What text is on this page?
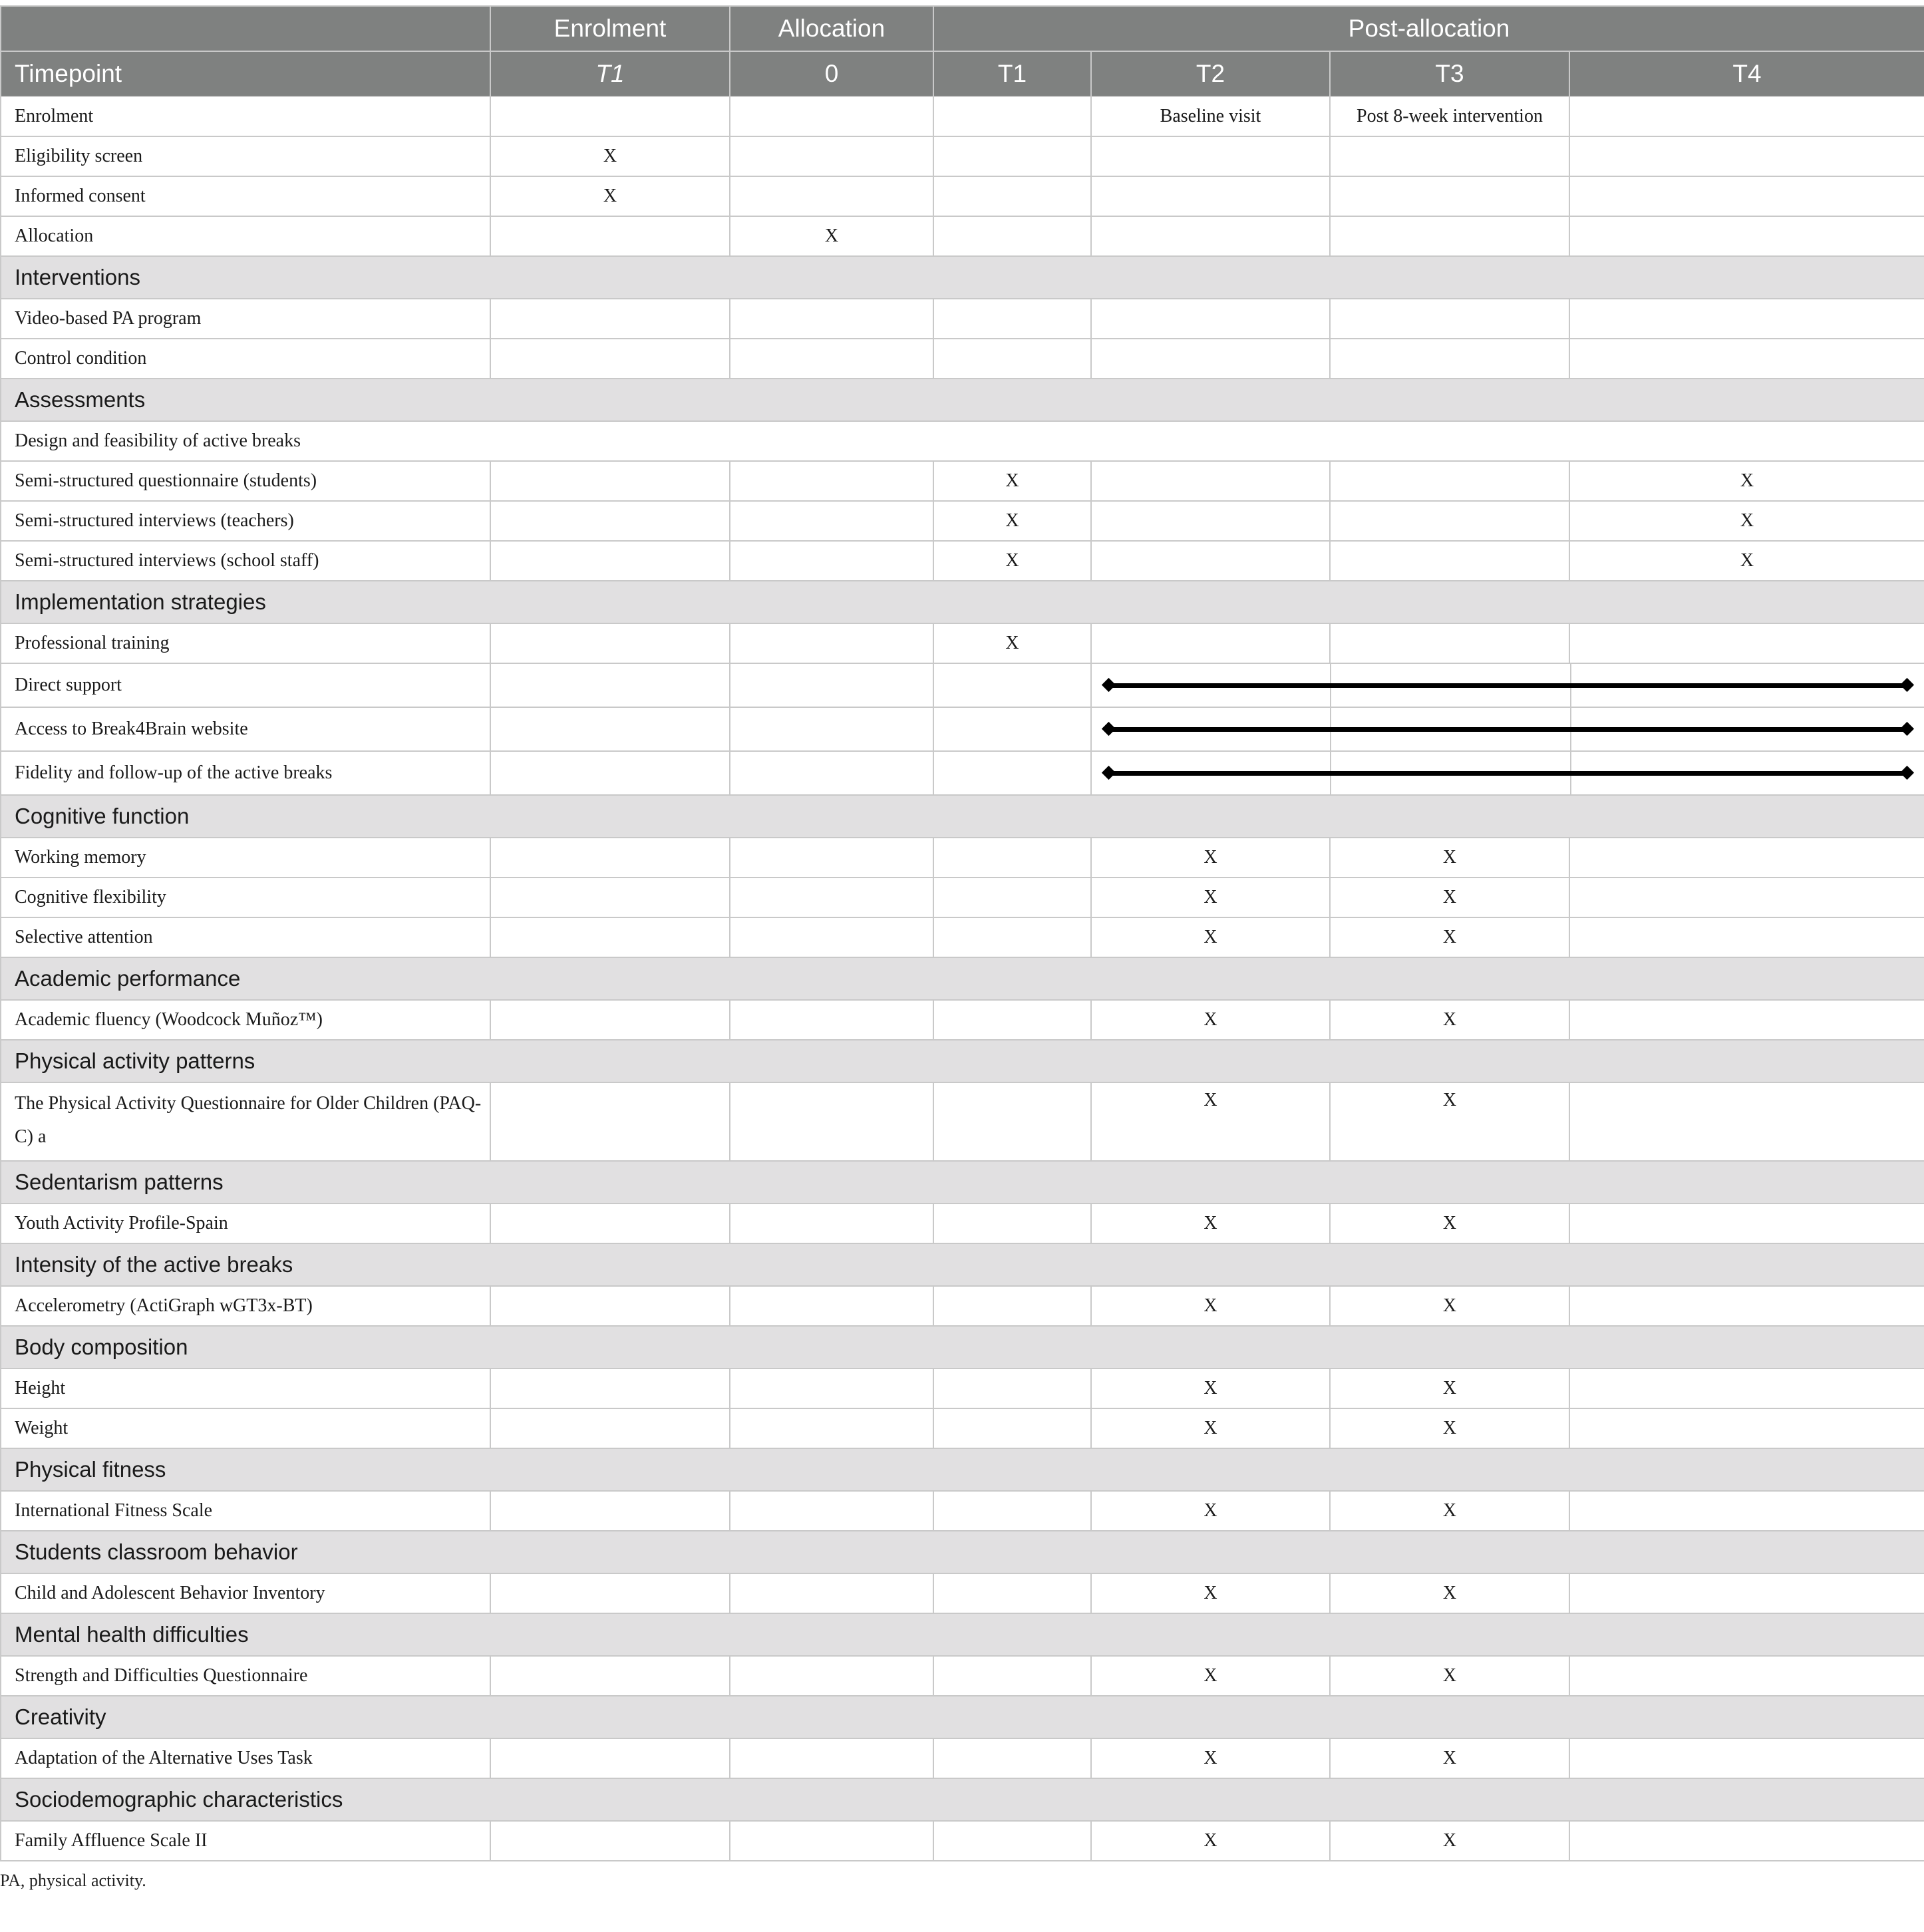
	Enrolment	Allocation	Post-allocation			
Timepoint	T1	0	T1	T2	T3	T4
Enrolment				Baseline visit	Post 8-week intervention	
Eligibility screen	X					
Informed consent	X					
Allocation		X				
Interventions						
Video-based PA program						
Control condition						
Assessments						
Design and feasibility of active breaks						
Semi-structured questionnaire (students)			X			X
Semi-structured interviews (teachers)			X			X
Semi-structured interviews (school staff)			X			X
Implementation strategies						
Professional training			X			
Direct support						

Access to Break4Brain website						

Fidelity and follow-up of the active breaks						

Cognitive function						
Working memory				X	X	
Cognitive flexibility				X	X	
Selective attention				X	X	
Academic performance						
Academic fluency (Woodcock Muñoz™)				X	X	
Physical activity patterns						
The Physical Activity Questionnaire for Older Children (PAQ-C) a				X	X	
Sedentarism patterns						
Youth Activity Profile-Spain				X	X	
Intensity of the active breaks						
Accelerometry (ActiGraph wGT3x-BT)				X	X	
Body composition						
Height				X	X	
Weight				X	X	
Physical fitness						
International Fitness Scale				X	X	
Students classroom behavior						
Child and Adolescent Behavior Inventory				X	X	
Mental health difficulties						
Strength and Difficulties Questionnaire				X	X	
Creativity						
Adaptation of the Alternative Uses Task				X	X	
Sociodemographic characteristics						
Family Affluence Scale II				X	X	
PA, physical activity.
